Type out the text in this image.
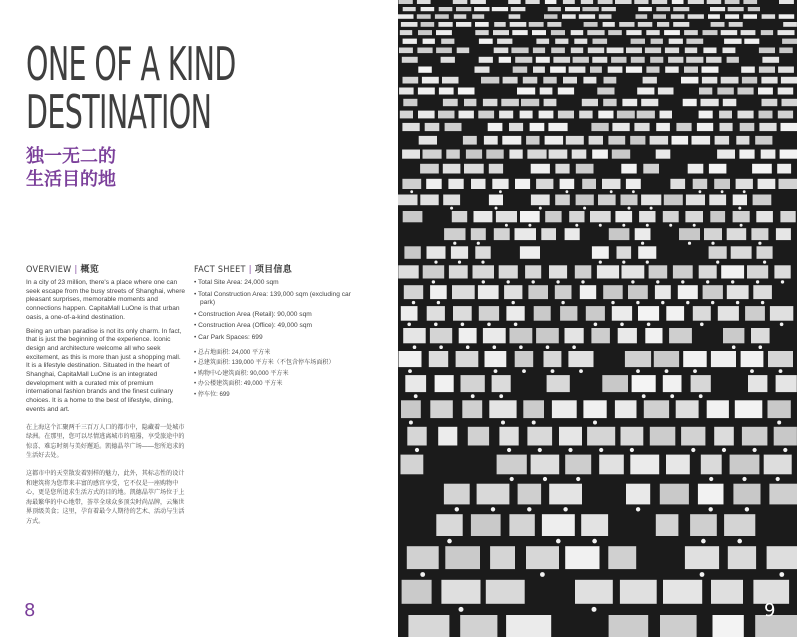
ONE OF A KIND
DESTINATION
独一无二的
生活目的地
OVERVIEW | 概览

In a city of 23 million, there's a place where one can seek escape from the busy streets of Shanghai, where pleasant surprises, memorable moments and connections happen. CapitaMall LuOne is that urban oasis, a one-of-a-kind destination.

Being an urban paradise is not its only charm. In fact, that is just the beginning of the experience. Iconic design and architecture welcome all who seek excitement, as this is more than just a shopping mall. It is a lifestyle destination. Situated in the heart of Shanghai, CapitaMall LuOne is an integrated development with a curated mix of premium international fashion brands and the finest culinary choices. It is a home to the best of lifestyle, dining, events and art.

在上海这个汇聚两千三百万人口的都市中，隐藏着一处城市绿洲。在那里，您可以尽情逃离城市的喧嚣，享受旅途中的惊喜、难忘时刻与美好邂逅。凯德晶萃广场——您所追求的生活好去处。

这都市中的天堂散发着别样的魅力，此外，其标志性的设计和建筑将为您带来丰富的感官享受，它不仅是一座购物中心，更是您所追求生活方式的目的地。凯德晶萃广场位于上海最繁华的中心地带，荟萃全球众多顶尖时尚品牌，云集世界顶级美食；这里，孕育着最令人期待的艺术、活动与生活方式。

FACT SHEET | 项目信息
• Total Site Area: 24,000 sqm
• Total Construction Area: 139,000 sqm (excluding car park)
• Construction Area (Retail): 90,000 sqm
• Construction Area (Office): 49,000 sqm
• Car Park Spaces: 699
• 总占地面积: 24,000 平方米
• 总建筑面积: 139,000 平方米（不包含停车场面积）
• 购物中心建筑面积: 90,000 平方米
• 办公楼建筑面积: 49,000 平方米
• 停车位: 699
8	9
